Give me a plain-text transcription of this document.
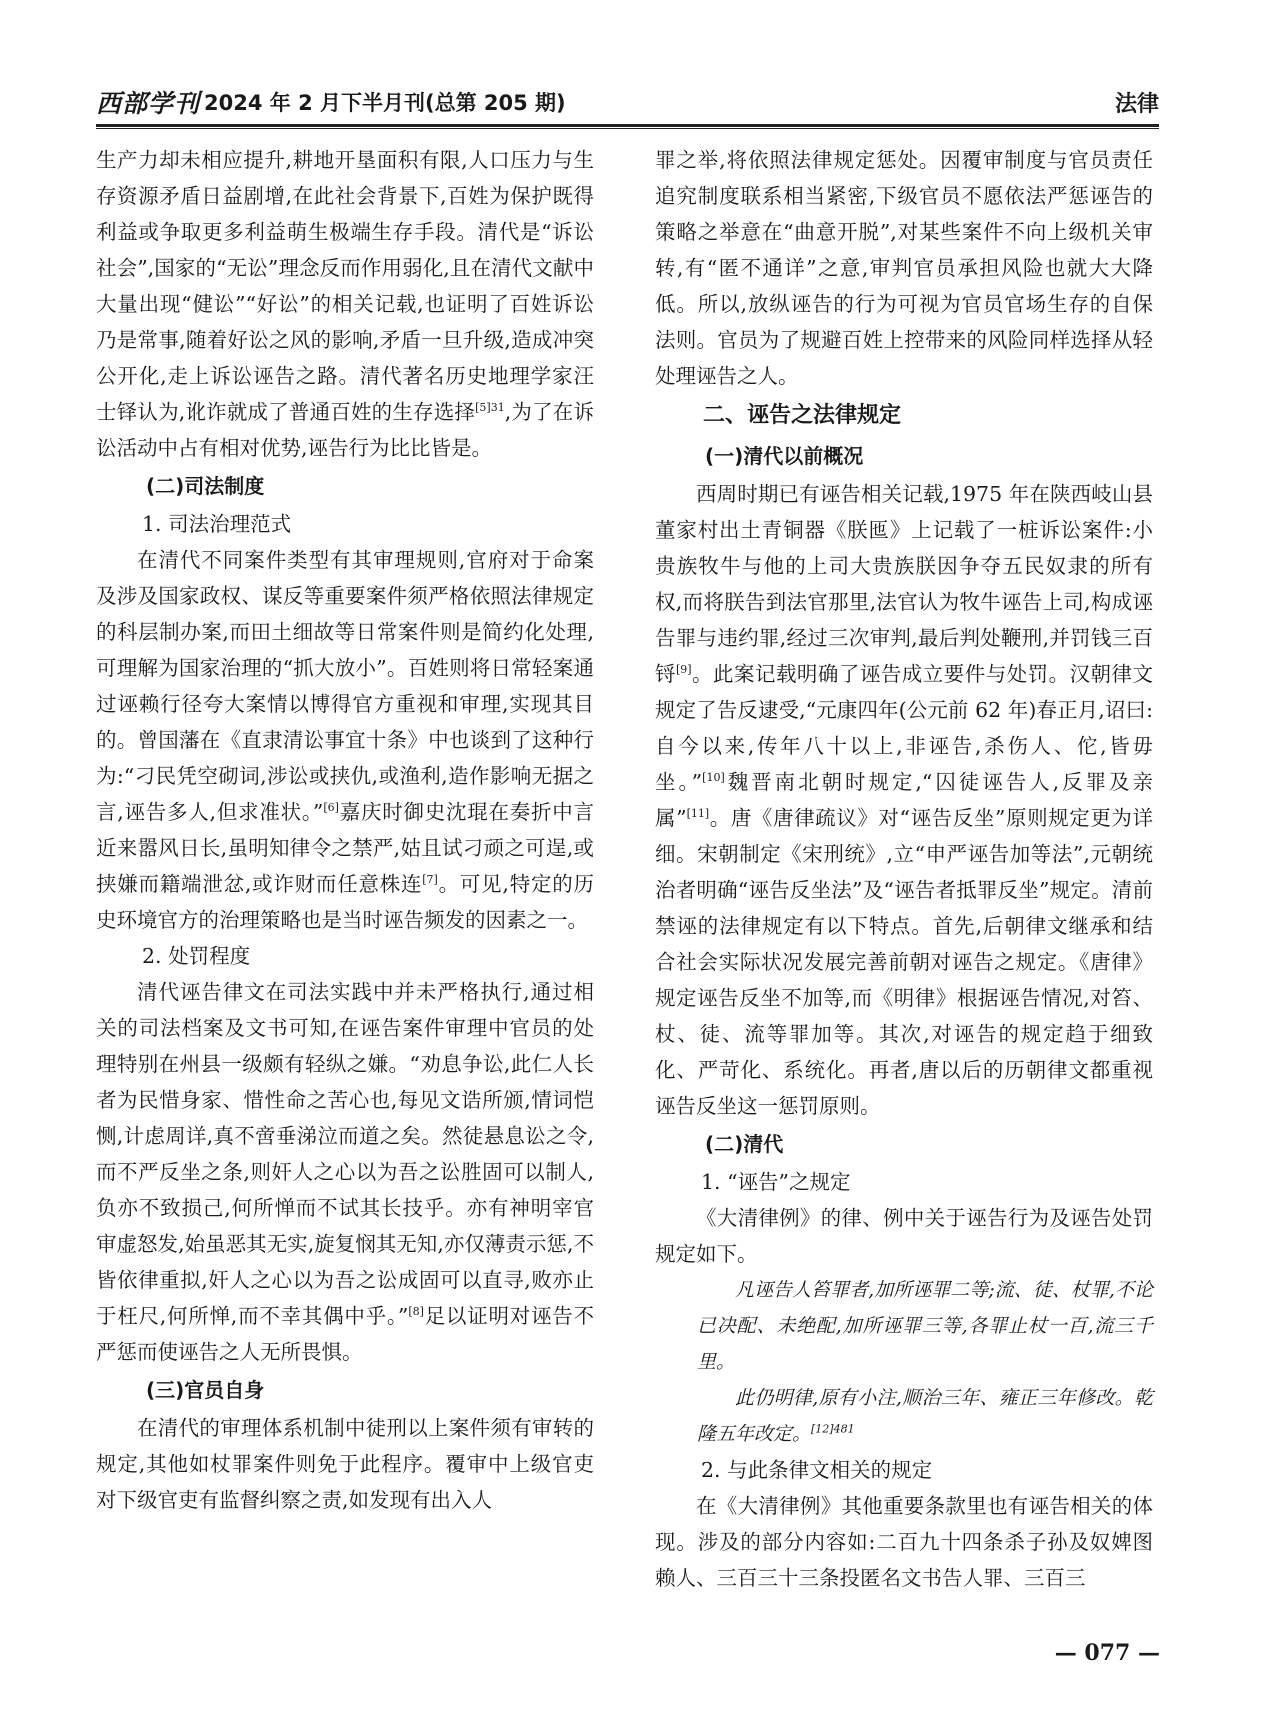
西部学刊 2024 年 2 月下半月刊(总第 205 期)	法律

生产力却未相应提升,耕地开垦面积有限,人口压力与生存资源矛盾日益剧增,在此社会背景下,百姓为保护既得利益或争取更多利益萌生极端生存手段。清代是“诉讼社会”,国家的“无讼”理念反而作用弱化,且在清代文献中大量出现“健讼”“好讼”的相关记载,也证明了百姓诉讼乃是常事,随着好讼之风的影响,矛盾一旦升级,造成冲突公开化,走上诉讼诬告之路。清代著名历史地理学家汪士铎认为,讹诈就成了普通百姓的生存选择$^{[5]31}$,为了在诉讼活动中占有相对优势,诬告行为比比皆是。

(二)司法制度

1. 司法治理范式

在清代不同案件类型有其审理规则,官府对于命案及涉及国家政权、谋反等重要案件须严格依照法律规定的科层制办案,而田土细故等日常案件则是简约化处理,可理解为国家治理的“抓大放小”。百姓则将日常轻案通过诬赖行径夸大案情以博得官方重视和审理,实现其目的。曾国藩在《直隶清讼事宜十条》中也谈到了这种行为:“刁民凭空砌词,涉讼或挟仇,或渔利,造作影响无据之言,诬告多人,但求准状。”[6]嘉庆时御史沈琨在奏折中言近来嚣风日长,虽明知律令之禁严,姑且试刁顽之可逞,或挟嫌而籍端泄忿,或诈财而任意株连[7]。可见,特定的历史环境官方的治理策略也是当时诬告频发的因素之一。

2. 处罚程度

清代诬告律文在司法实践中并未严格执行,通过相关的司法档案及文书可知,在诬告案件审理中官员的处理特别在州县一级颇有轻纵之嫌。“劝息争讼,此仁人长者为民惜身家、惜性命之苦心也,每见文诰所颁,情词恺恻,计虑周详,真不啻垂涕泣而道之矣。然徒悬息讼之令,而不严反坐之条,则奸人之心以为吾之讼胜固可以制人,负亦不致损己,何所惮而不试其长技乎。亦有神明宰官审虚怒发,始虽恶其无实,旋复悯其无知,亦仅薄责示惩,不皆依律重拟,奸人之心以为吾之讼成固可以直寻,败亦止于枉尺,何所惮,而不幸其偶中乎。”[8]足以证明对诬告不严惩而使诬告之人无所畏惧。

(三)官员自身

在清代的审理体系机制中徒刑以上案件须有审转的规定,其他如杖罪案件则免于此程序。覆审中上级官吏对下级官吏有监督纠察之责,如发现有出入人

罪之举,将依照法律规定惩处。因覆审制度与官员责任追究制度联系相当紧密,下级官员不愿依法严惩诬告的策略之举意在“曲意开脱”,对某些案件不向上级机关审转,有“匿不通详”之意,审判官员承担风险也就大大降低。所以,放纵诬告的行为可视为官员官场生存的自保法则。官员为了规避百姓上控带来的风险同样选择从轻处理诬告之人。

二、诬告之法律规定

(一)清代以前概况

西周时期已有诬告相关记载,1975 年在陕西岐山县董家村出土青铜器《朕匜》上记载了一桩诉讼案件:小贵族牧牛与他的上司大贵族朕因争夺五民奴隶的所有权,而将朕告到法官那里,法官认为牧牛诬告上司,构成诬告罪与违约罪,经过三次审判,最后判处鞭刑,并罚钱三百锊[9]。此案记载明确了诬告成立要件与处罚。汉朝律文规定了告反逮受,“元康四年(公元前 62 年)春正月,诏曰:自今以来,传年八十以上,非诬告,杀伤人、佗,皆毋坐。”[10]魏晋南北朝时规定,“囚徒诬告人,反罪及亲属”[11]。唐《唐律疏议》对“诬告反坐”原则规定更为详细。宋朝制定《宋刑统》,立“申严诬告加等法”,元朝统治者明确“诬告反坐法”及“诬告者抵罪反坐”规定。清前禁诬的法律规定有以下特点。首先,后朝律文继承和结合社会实际状况发展完善前朝对诬告之规定。《唐律》规定诬告反坐不加等,而《明律》根据诬告情况,对笞、杖、徒、流等罪加等。其次,对诬告的规定趋于细致化、严苛化、系统化。再者,唐以后的历朝律文都重视诬告反坐这一惩罚原则。

(二)清代

1. “诬告”之规定

《大清律例》的律、例中关于诬告行为及诬告处罚规定如下。

凡诬告人笞罪者,加所诬罪二等;流、徒、杖罪,不论已决配、未绝配,加所诬罪三等,各罪止杖一百,流三千里。

此仍明律,原有小注,顺治三年、雍正三年修改。乾隆五年改定。$^{[12]481}$

2. 与此条律文相关的规定

在《大清律例》其他重要条款里也有诬告相关的体现。涉及的部分内容如:二百九十四条杀子孙及奴婢图赖人、三百三十三条投匿名文书告人罪、三百三

— 077 —
